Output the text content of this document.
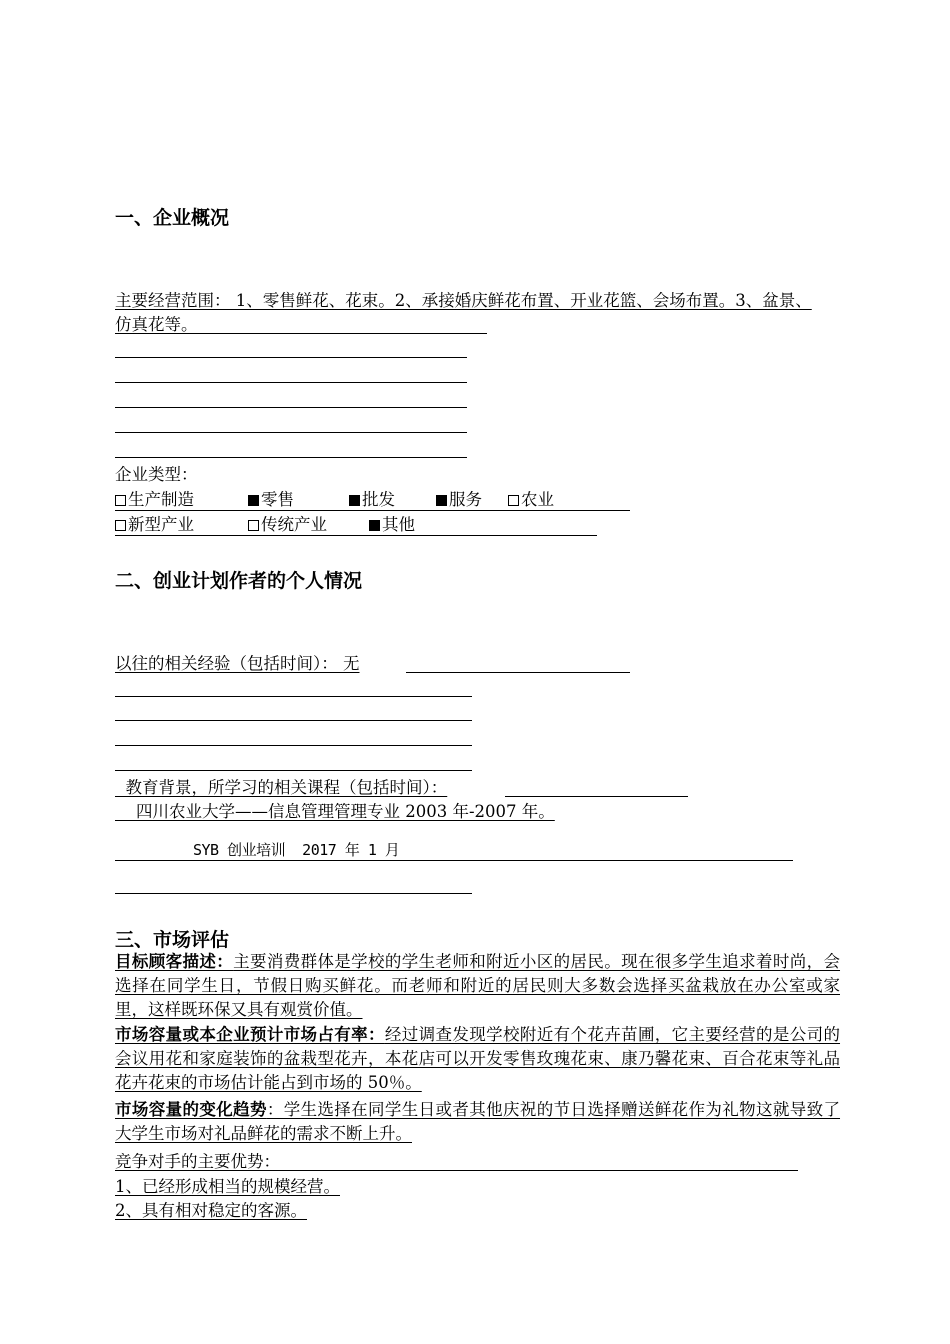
一、企业概况
主要经营范围： 1、零售鲜花、花束。2、承接婚庆鲜花布置、开业花篮、会场布置。3、盆景、
仿真花等。
企业类型：
生产制造	零售	批发	服务	农业
新型产业	传统产业	其他
二、创业计划作者的个人情况
以往的相关经验（包括时间）： 无
教育背景，所学习的相关课程（包括时间）：
四川农业大学——信息管理管理专业 2003 年-2007 年。
SYB 创业培训  2017 年 1 月
三、市场评估
目标顾客描述：主要消费群体是学校的学生老师和附近小区的居民。现在很多学生追求着时尚，会选择在同学生日，节假日购买鲜花。而老师和附近的居民则大多数会选择买盆栽放在办公室或家里，这样既环保又具有观赏价值。
市场容量或本企业预计市场占有率：经过调查发现学校附近有个花卉苗圃，它主要经营的是公司的会议用花和家庭装饰的盆栽型花卉，本花店可以开发零售玫瑰花束、康乃馨花束、百合花束等礼品花卉花束的市场估计能占到市场的 50％。
市场容量的变化趋势：学生选择在同学生日或者其他庆祝的节日选择赠送鲜花作为礼物这就导致了大学生市场对礼品鲜花的需求不断上升。
竞争对手的主要优势：
1、已经形成相当的规模经营。
2、具有相对稳定的客源。
